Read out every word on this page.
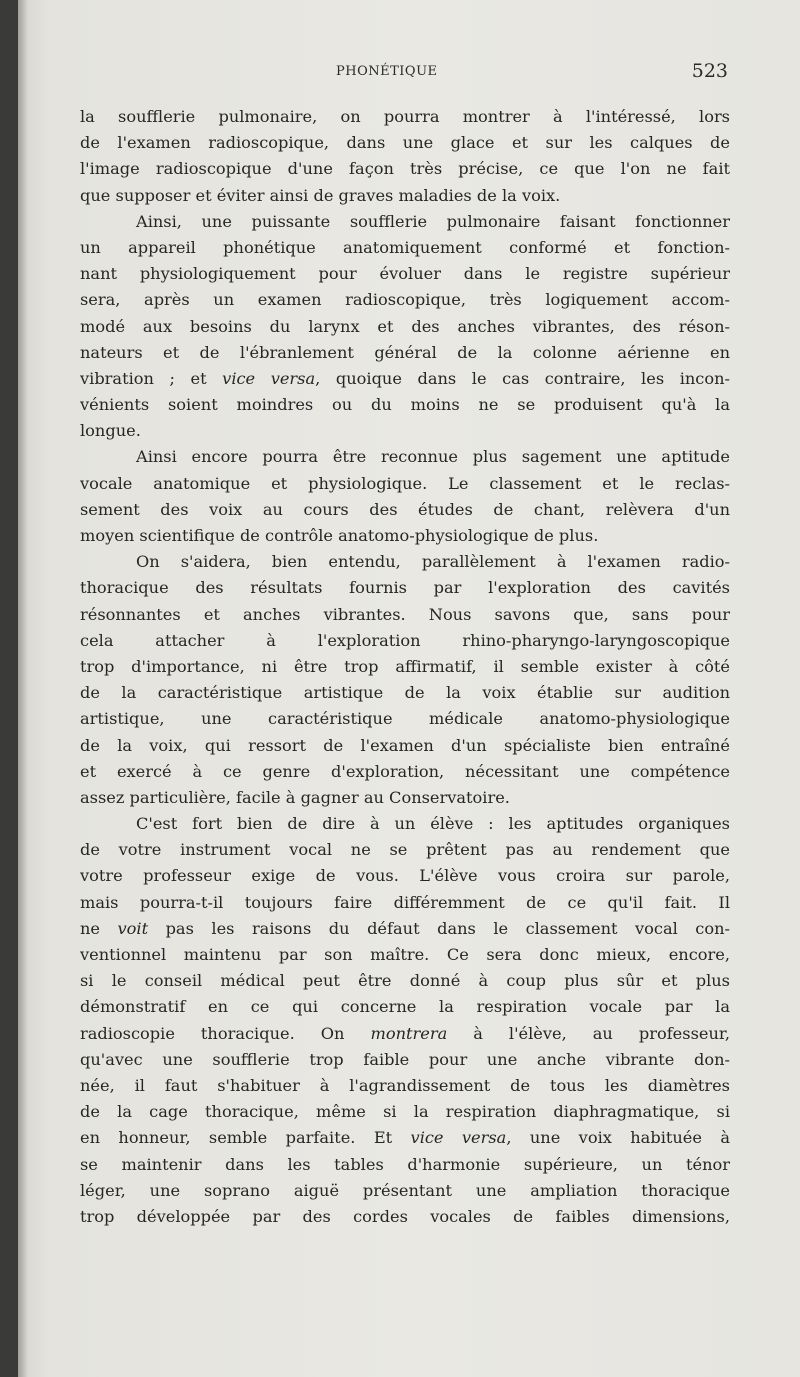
PHONÉTIQUE	523
la soufflerie pulmonaire, on pourra montrer à l'intéressé, lors
de l'examen radioscopique, dans une glace et sur les calques de
l'image radioscopique d'une façon très précise, ce que l'on ne fait
que supposer et éviter ainsi de graves maladies de la voix.
Ainsi, une puissante soufflerie pulmonaire faisant fonctionner
un appareil phonétique anatomiquement conformé et fonction-
nant physiologiquement pour évoluer dans le registre supérieur
sera, après un examen radioscopique, très logiquement accom-
modé aux besoins du larynx et des anches vibrantes, des réson-
nateurs et de l'ébranlement général de la colonne aérienne en
vibration ; et vice versa, quoique dans le cas contraire, les incon-
vénients soient moindres ou du moins ne se produisent qu'à la
longue.
Ainsi encore pourra être reconnue plus sagement une aptitude
vocale anatomique et physiologique. Le classement et le reclas-
sement des voix au cours des études de chant, relèvera d'un
moyen scientifique de contrôle anatomo-physiologique de plus.
On s'aidera, bien entendu, parallèlement à l'examen radio-
thoracique des résultats fournis par l'exploration des cavités
résonnantes et anches vibrantes. Nous savons que, sans pour
cela attacher à l'exploration rhino-pharyngo-laryngoscopique
trop d'importance, ni être trop affirmatif, il semble exister à côté
de la caractéristique artistique de la voix établie sur audition
artistique, une caractéristique médicale anatomo-physiologique
de la voix, qui ressort de l'examen d'un spécialiste bien entraîné
et exercé à ce genre d'exploration, nécessitant une compétence
assez particulière, facile à gagner au Conservatoire.
C'est fort bien de dire à un élève : les aptitudes organiques
de votre instrument vocal ne se prêtent pas au rendement que
votre professeur exige de vous. L'élève vous croira sur parole,
mais pourra-t-il toujours faire différemment de ce qu'il fait. Il
ne voit pas les raisons du défaut dans le classement vocal con-
ventionnel maintenu par son maître. Ce sera donc mieux, encore,
si le conseil médical peut être donné à coup plus sûr et plus
démonstratif en ce qui concerne la respiration vocale par la
radioscopie thoracique. On montrera à l'élève, au professeur,
qu'avec une soufflerie trop faible pour une anche vibrante don-
née, il faut s'habituer à l'agrandissement de tous les diamètres
de la cage thoracique, même si la respiration diaphragmatique, si
en honneur, semble parfaite. Et vice versa, une voix habituée à
se maintenir dans les tables d'harmonie supérieure, un ténor
léger, une soprano aiguë présentant une ampliation thoracique
trop développée par des cordes vocales de faibles dimensions,
